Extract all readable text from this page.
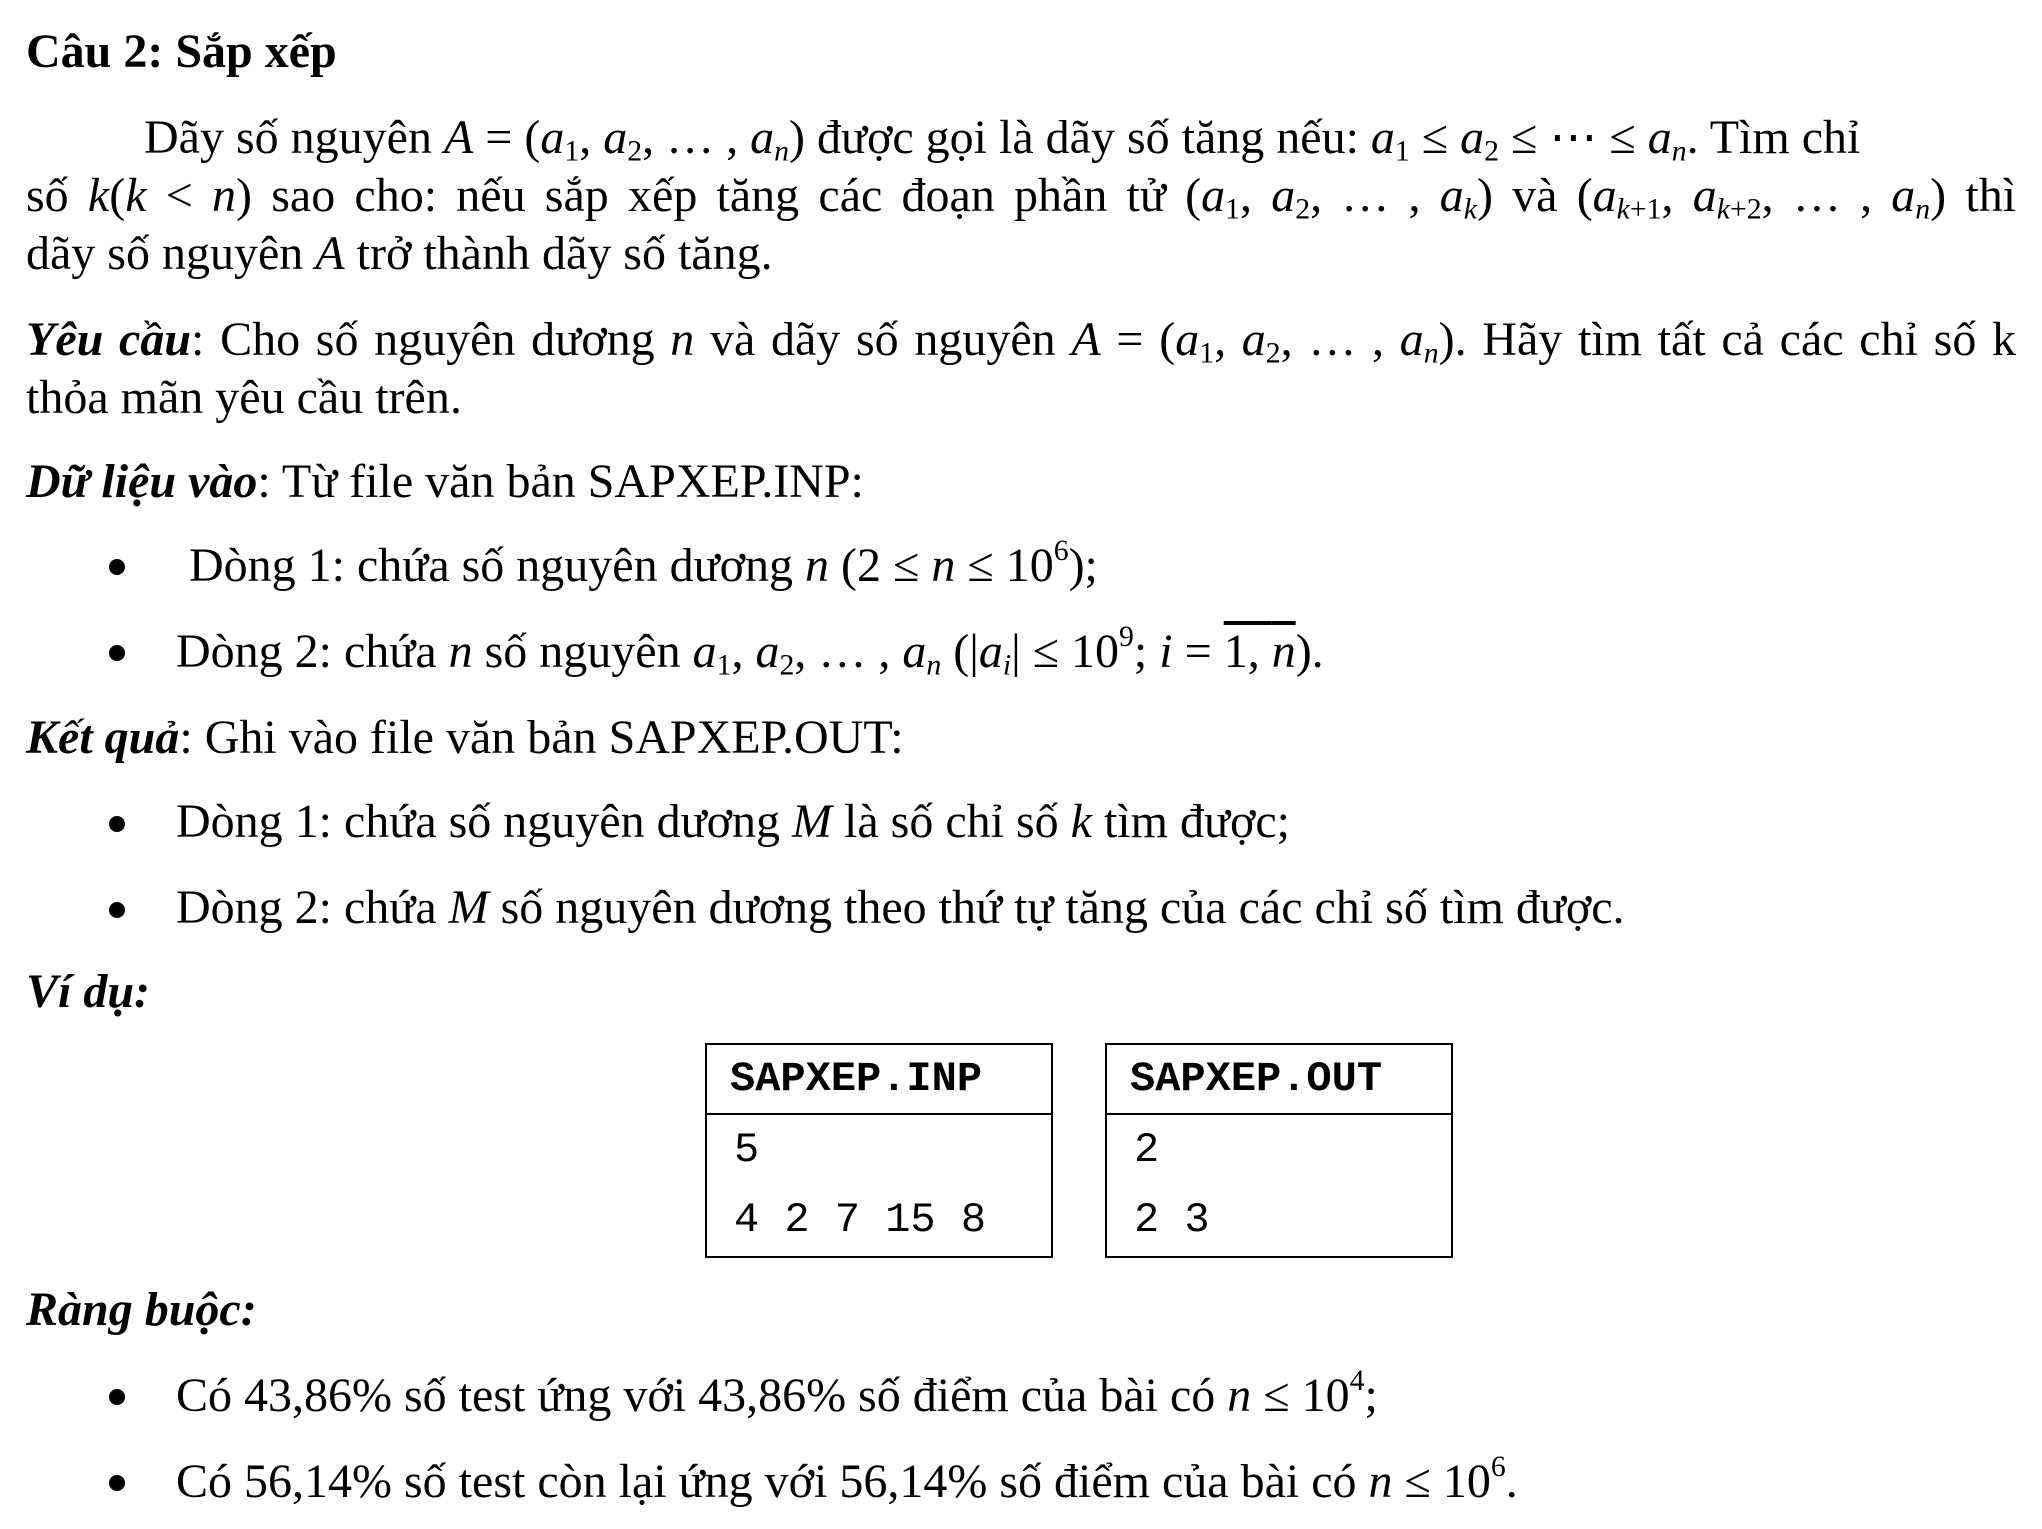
Câu 2: Sắp xếp
Dãy số nguyên $A = (a_1$, $a_2$, … , $a_n$) được gọi là dãy số tăng nếu: $a_1 \le a_2$ ≤ ⋯ ≤ $a_n$. Tìm chỉ
số k(k < n) sao cho: nếu sắp xếp tăng các đoạn phần tử ($a_1$, $a_2$, … , $a_k$) và ($a_{k+1}$, $a_{k+2}$, … , $a_n$) thì
dãy số nguyên A trở thành dãy số tăng.
Yêu cầu: Cho số nguyên dương n và dãy số nguyên $A = (a_1$, $a_2$, … , $a_n$). Hãy tìm tất cả các chỉ số k
thỏa mãn yêu cầu trên.
Dữ liệu vào: Từ file văn bản SAPXEP.INP:
Dòng 1: chứa số nguyên dương n $(2 \le n \le 10^6)$;
Dòng 2: chứa n số nguyên $a_1$, $a_2$, … , $a_n$ ($|a_i| \le 10^9$; i = 1, n).
Kết quả: Ghi vào file văn bản SAPXEP.OUT:
Dòng 1: chứa số nguyên dương M là số chỉ số k tìm được;
Dòng 2: chứa M số nguyên dương theo thứ tự tăng của các chỉ số tìm được.
Ví dụ:
SAPXEP.INP
5
4 2 7 15 8
SAPXEP.OUT
2
2 3
Ràng buộc:
Có 43,86% số test ứng với 43,86% số điểm của bài có $n \le 10^4$;
Có 56,14% số test còn lại ứng với 56,14% số điểm của bài có $n \le 10^6$.
